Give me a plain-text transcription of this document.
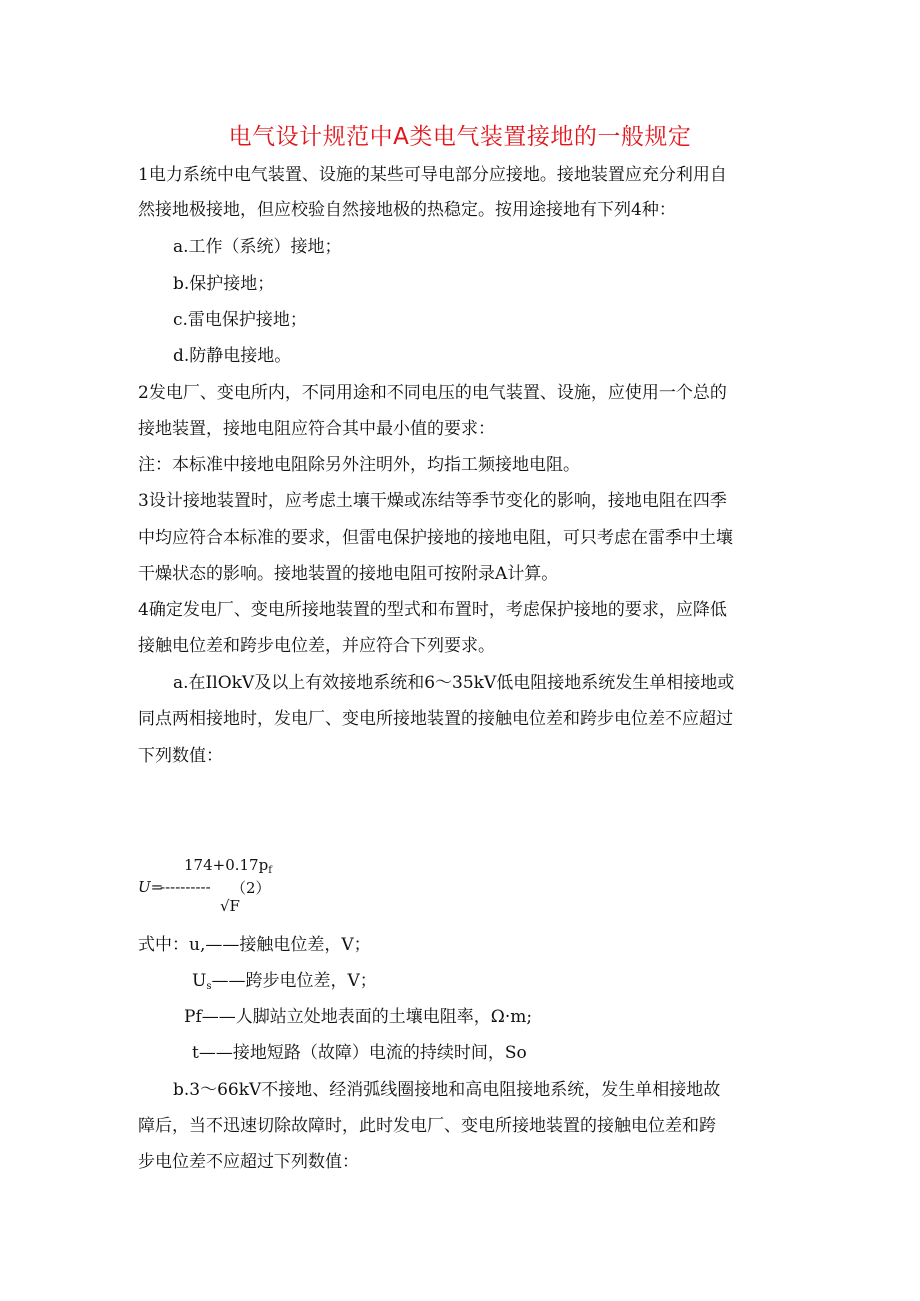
电气设计规范中A类电气装置接地的一般规定
1电力系统中电气装置、设施的某些可导电部分应接地。接地装置应充分利用自
然接地极接地，但应校验自然接地极的热稳定。按用途接地有下列4种：
a.工作（系统）接地；
b.保护接地；
c.雷电保护接地；
d.防静电接地。
2发电厂、变电所内，不同用途和不同电压的电气装置、设施，应使用一个总的
接地装置，接地电阻应符合其中最小值的要求：
注：本标准中接地电阻除另外注明外，均指工频接地电阻。
3设计接地装置时，应考虑土壤干燥或冻结等季节变化的影响，接地电阻在四季
中均应符合本标准的要求，但雷电保护接地的接地电阻，可只考虑在雷季中土壤
干燥状态的影响。接地装置的接地电阻可按附录A计算。
4确定发电厂、变电所接地装置的型式和布置时，考虑保护接地的要求，应降低
接触电位差和跨步电位差，并应符合下列要求。
a.在IlOkV及以上有效接地系统和6～35kV低电阻接地系统发生单相接地或
同点两相接地时，发电厂、变电所接地装置的接触电位差和跨步电位差不应超过
下列数值：
$174+0.17p_f$
U=
---------- （2）
√F
式中：u,——接触电位差，V；
$U_s——$跨步电位差，V；
Pf——人脚站立处地表面的土壤电阻率，Ω·m;
t——接地短路（故障）电流的持续时间，So
b.3～66kV不接地、经消弧线圈接地和高电阻接地系统，发生单相接地故
障后，当不迅速切除故障时，此时发电厂、变电所接地装置的接触电位差和跨
步电位差不应超过下列数值：
